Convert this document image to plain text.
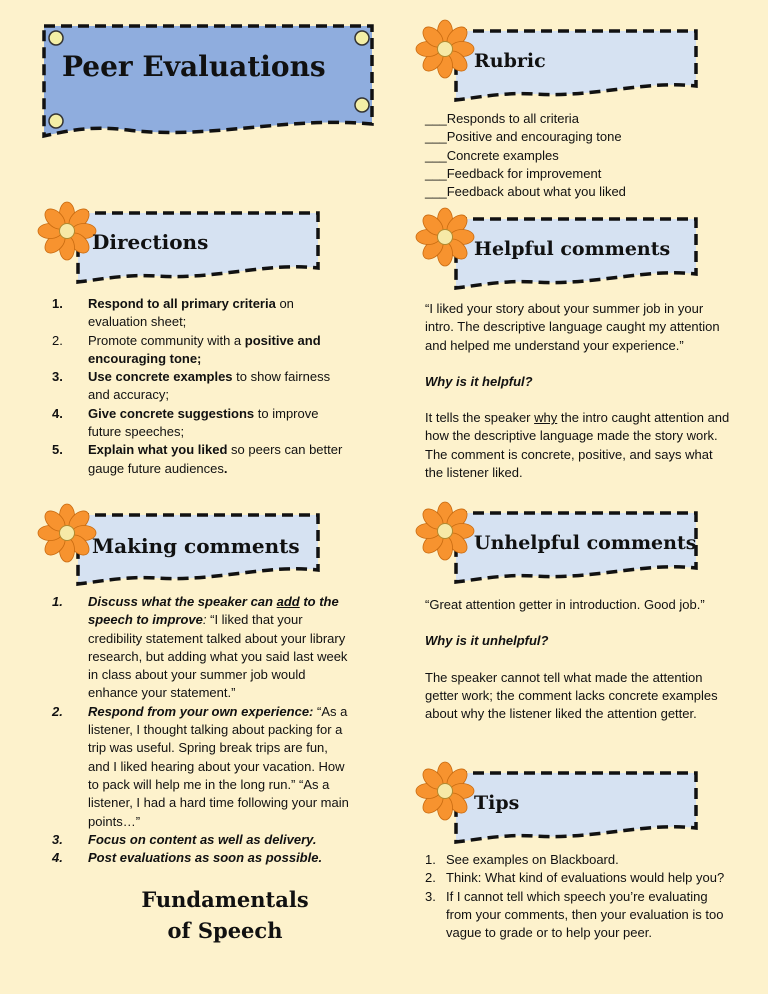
Peer Evaluations
Directions
1. Respond to all primary criteria on evaluation sheet;
2. Promote community with a positive and encouraging tone;
3. Use concrete examples to show fairness and accuracy;
4. Give concrete suggestions to improve future speeches;
5. Explain what you liked so peers can better gauge future audiences.
Making comments
1. Discuss what the speaker can add to the speech to improve: “I liked that your credibility statement talked about your library research, but adding what you said last week in class about your summer job would enhance your statement.”
2. Respond from your own experience: “As a listener, I thought talking about packing for a trip was useful. Spring break trips are fun, and I liked hearing about your vacation. How to pack will help me in the long run.” “As a listener, I had a hard time following your main points…”
3. Focus on content as well as delivery.
4. Post evaluations as soon as possible.
Fundamentals
of Speech
Rubric
___Responds to all criteria
___Positive and encouraging tone
___Concrete examples
___Feedback for improvement
___Feedback about what you liked
Helpful comments
“I liked your story about your summer job in your intro. The descriptive language caught my attention and helped me understand your experience.”
Why is it helpful?
It tells the speaker why the intro caught attention and how the descriptive language made the story work. The comment is concrete, positive, and says what the listener liked.
Unhelpful comments
“Great attention getter in introduction. Good job.”
Why is it unhelpful?
The speaker cannot tell what made the attention getter work; the comment lacks concrete examples about why the listener liked the attention getter.
Tips
1. See examples on Blackboard.
2. Think: What kind of evaluations would help you?
3. If I cannot tell which speech you’re evaluating from your comments, then your evaluation is too vague to grade or to help your peer.
